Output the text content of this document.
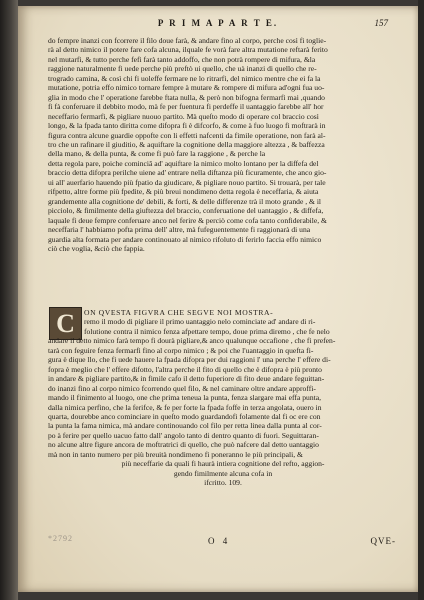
P R I M A P A R T E.	157
do fempre inanzi con fcorrere il filo doue farà, & andare fino al corpo, perche così fi toglie-
rà al detto nimico il potere fare cofa alcuna, ilquale fe vorà fare altra mutatione reftarà ferito
nel mutarfi, & tutto perche fefi farà tanto addoffo, che non potrà rompere di mifura, &la
raggione naturalmente fi uede perche più preftò ui quello, che uà inanzi di quello che re-
trogrado camina, & così chi fi uoleffe fermare ne lo ritrarfi, del nimico mentre che ei fa la
mutatione, potria effo nimico tornare fempre à mutare & rompere di mifura ad'ogni fua uo-
glia in modo che l' operatione farebbe ftata nulla, & però non bifogna fermarfi mai ,quando
fi fà conferuare il debbito modo, mà fe per fuentura fi perdeffe il uantaggio farebbe all' hor
neceffario fermarfi, & pigliare nuouo partito. Mà queſto modo di operare col braccio così
longo, & la fpada tanto diritta come difopra fi è difcorfo, & come à fuo luogo fi moftrarà in
figura contra alcune guardie oppofte con li effetti nafcenti da fimile operatione, non farà al-
tro che un rafinare il giuditio, & aquiftare la cognitione della maggiore altezza , & baffezza
della mano, & della punta, & come fi può fare la raggione , & perche la
detta regola pare, poiche cominciâ ad' aquiftare la nimico molto lontano per la diffefa del
braccio detta difopra perilche uiene ad' entrare nella diftanza più ficuramente, che anco gio-
ui all' auerfario hauendo più fpatio da giudicare, & pigliare nouo partito. Si trouarà, per tale
rifpetto, altre forme più fpedite, & più breui nondimeno detta regola è neceffaria, & aiuta
grandemente alla cognitione de' debili, & forti, & delle differenze trà il moto grande , & il
picciolo, & fimilmente della giuftezza del braccio, conferuatione del uantaggio , & diffefa,
laquale fi deue fempre conferuare anco nel ferire & perciò come cofa tanto confiderabile, &
neceffaria l' habbiamo pofta prima dell' altre, mà fufeguentemente fi raggionarà di una
guardia alta formata per andare continouato al nimico rifoluto di ferirlo faccia effo nimico
ciò che voglia, &ciò che fappia.
C	ON QVESTA FIGVRA CHE SEGVE NOI MOSTRA-
remo il modo di pigliare il primo uantaggio nelo cominciate ad' andare di ri-
folutione contra il nimico fenza afpettare tempo, doue prima diremo , che fe nelo
andare il detto nimico farà tempo fi dourà pigliare,& anco qualunque occafione , che fi prefen-
tarà con feguire fenza fermarfi fino al corpo nimico ; & poi che l'uantaggio in quefta fi-
gura è dique llo, che fi uede hauere la fpada difopra per dui raggioni l' una perche l' effere di-
fopra è meglio che l' effere difotto, l'altra perche il fito di quello che è difopra è più pronto
in andare & pigliare partito,& in fimile cafo il detto fuperiore di fito deue andare feguittan-
do inanzi fino al corpo nimico fcorrendo quel filo, & nel caminare oltre andare approffi-
mando il finimento al luogo, one che prima teneua la punta, fenza slargare mai effa punta,
dalla nimica perfino, che la ferifce, & fe per forte la fpada foffe in terza angolata, ouero in
quarta, dourebbe anco cominciare in queſto modo guardandofi folamente dal fi oc ere con
la punta la fama nimica, mà andare continouando col filo per retta linea dalla punta al cor-
po à ferire per quello uacuo fatto dall' angolo tanto di dentro quanto di fuori. Seguittaran-
no alcune altre figure ancora de moftratrici di quello, che può nafcere dal detto uantaggio
mà non in tanto numero per più breuità nondimeno fi poneranno le più principali, &
più neceffarie da quali fi haurà intiera cognitione del refto, aggion-
gendo fimilmente alcuna cofa in
ifcritto. 109.
*2792	O 4	QVE-
